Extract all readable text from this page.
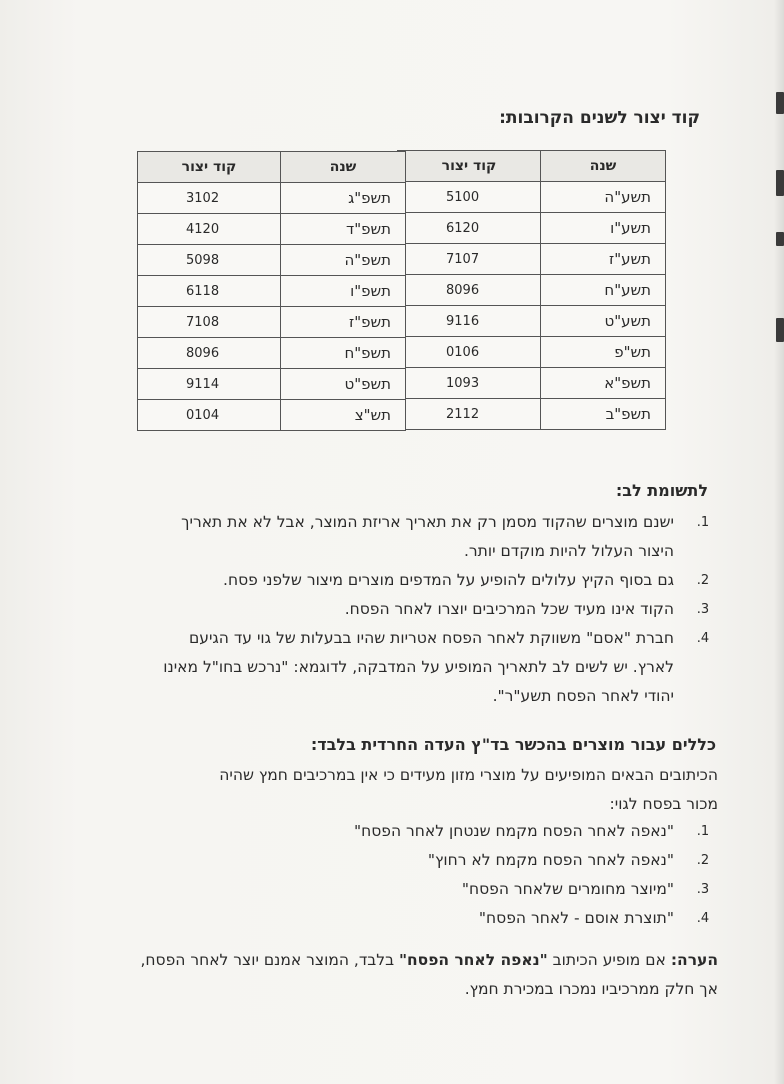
קוד יצור לשנים הקרובות:
שנה	קוד יצור
תשע"ה	5100
תשע"ו	6120
תשע"ז	7107
תשע"ח	8096
תשע"ט	9116
תש"פ	0106
תשפ"א	1093
תשפ"ב	2112
שנה	קוד יצור
תשפ"ג	3102
תשפ"ד	4120
תשפ"ה	5098
תשפ"ו	6118
תשפ"ז	7108
תשפ"ח	8096
תשפ"ט	9114
תש"צ	0104
לתשומת לב:
1.
ישנם מוצרים שהקוד מסמן רק את תאריך אריזת המוצר, אבל לא את תאריך
היצור העלול להיות מוקדם יותר.
2.
גם בסוף הקיץ עלולים להופיע על המדפים מוצרים מיצור שלפני פסח.
3.
הקוד אינו מעיד שכל המרכיבים יוצרו לאחר הפסח.
4.
חברת "אסם" משווקת לאחר הפסח אטריות שהיו בבעלות של גוי עד הגיעם
לארץ. יש לשים לב לתאריך המופיע על המדבקה, לדוגמא: "נרכש בחו"ל מאינו
יהודי לאחר הפסח תשע"ר".
כללים עבור מוצרים בהכשר בד"ץ העדה החרדית בלבד:
הכיתובים הבאים המופיעים על מוצרי מזון מעידים כי אין במרכיבים חמץ שהיה
מכור בפסח לגוי:
1.
"נאפה לאחר הפסח מקמח שנטחן לאחר הפסח"
2.
"נאפה לאחר הפסח מקמח לא רחוץ"
3.
"מיוצר מחומרים שלאחר הפסח"
4.
"תוצרת אוסם - לאחר הפסח"
הערה: אם מופיע הכיתוב "נאפה לאחר הפסח" בלבד, המוצר אמנם יוצר לאחר הפסח,
אך חלק ממרכיביו נמכרו במכירת חמץ.
